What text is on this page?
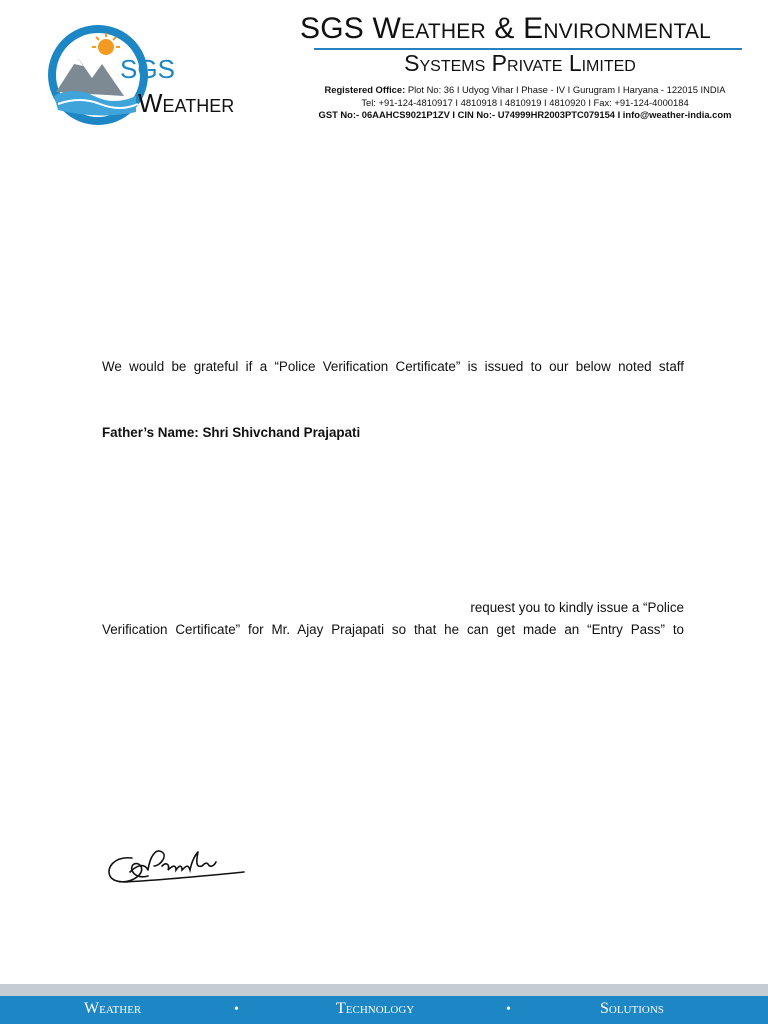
SGS
Weather
SGS Weather & Environmental
Systems Private Limited
Registered Office: Plot No: 36 I Udyog Vihar I Phase - IV I Gurugram I Haryana - 122015 INDIA
Tel: +91-124-4810917 I 4810918 I 4810919 I 4810920 I Fax: +91-124-4000184
GST No:- 06AAHCS9021P1ZV I CIN No:- U74999HR2003PTC079154 I info@weather-india.com
We would be grateful if a “Police Verification Certificate” is issued to our below noted staff
Father’s Name: Shri Shivchand Prajapati
request you to kindly issue a “Police
Verification Certificate” for Mr. Ajay Prajapati so that he can get made an “Entry Pass” to
Weather	•	Technology	•	Solutions
